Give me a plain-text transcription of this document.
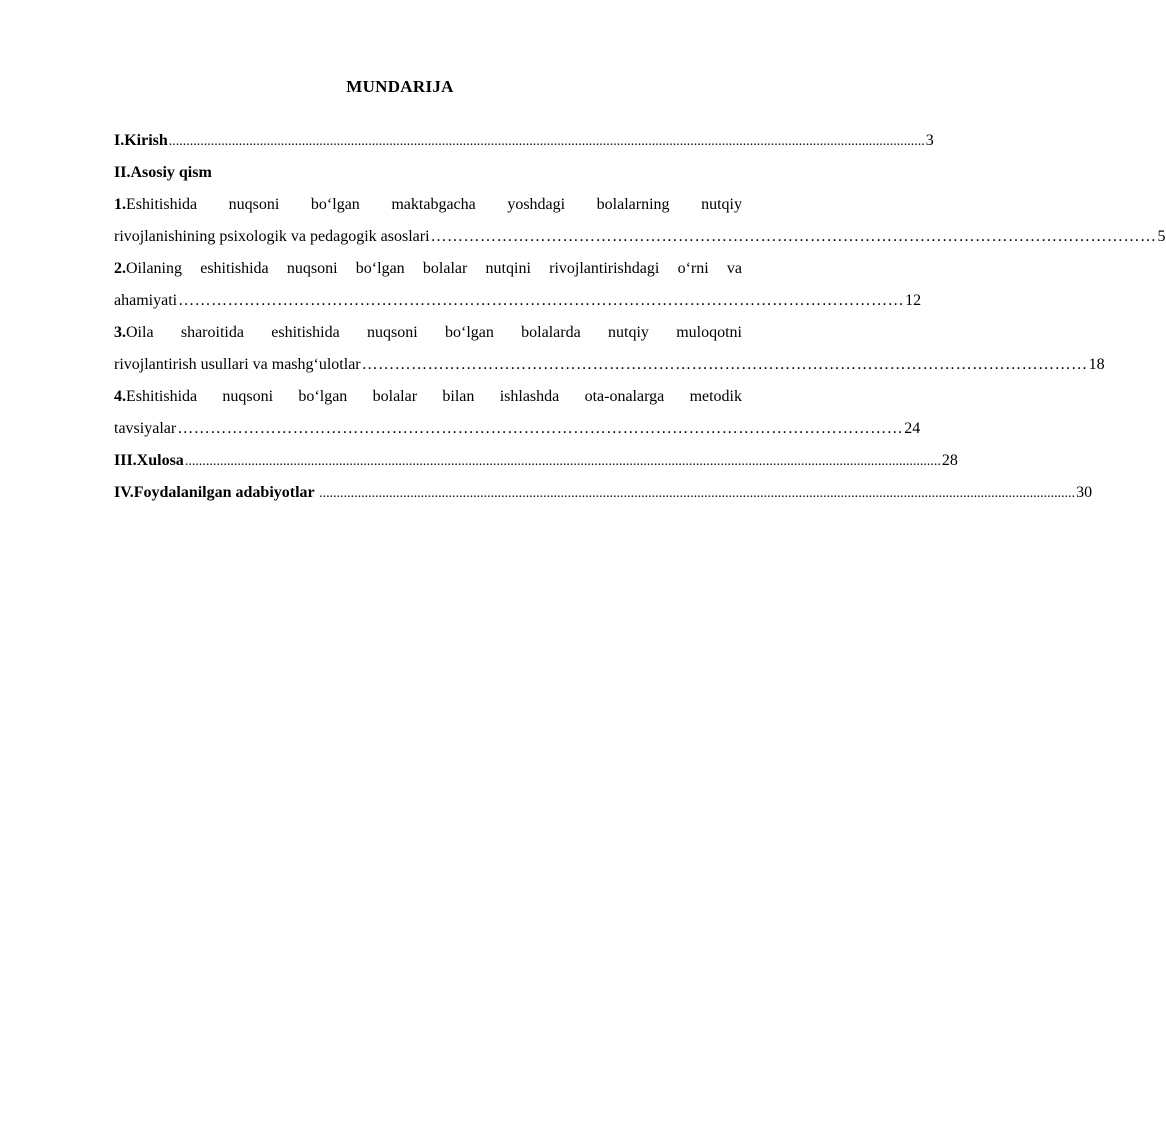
MUNDARIJA
I.Kirish ........................................................................................................................................................................................................................ 3
II.Asosiy qism
1.Eshitishida nuqsoni boʻlgan maktabgacha yoshdagi bolalarning nutqiy
rivojlanishining psixologik va pedagogik asoslari …………………………………………………………………………………………………………………… 5
2.Oilaning eshitishida nuqsoni boʻlgan bolalar nutqini rivojlantirishdagi oʻrni va
ahamiyati …………………………………………………………………………………………………………………… 12
3.Oila sharoitida eshitishida nuqsoni boʻlgan bolalarda nutqiy muloqotni
rivojlantirish usullari va mashgʻulotlar …………………………………………………………………………………………………………………… 18
4.Eshitishida nuqsoni boʻlgan bolalar bilan ishlashda ota-onalarga metodik
tavsiyalar …………………………………………………………………………………………………………………… 24
III.Xulosa ........................................................................................................................................................................................................................ 28
IV.Foydalanilgan adabiyotlar ........................................................................................................................................................................................................................ 30
